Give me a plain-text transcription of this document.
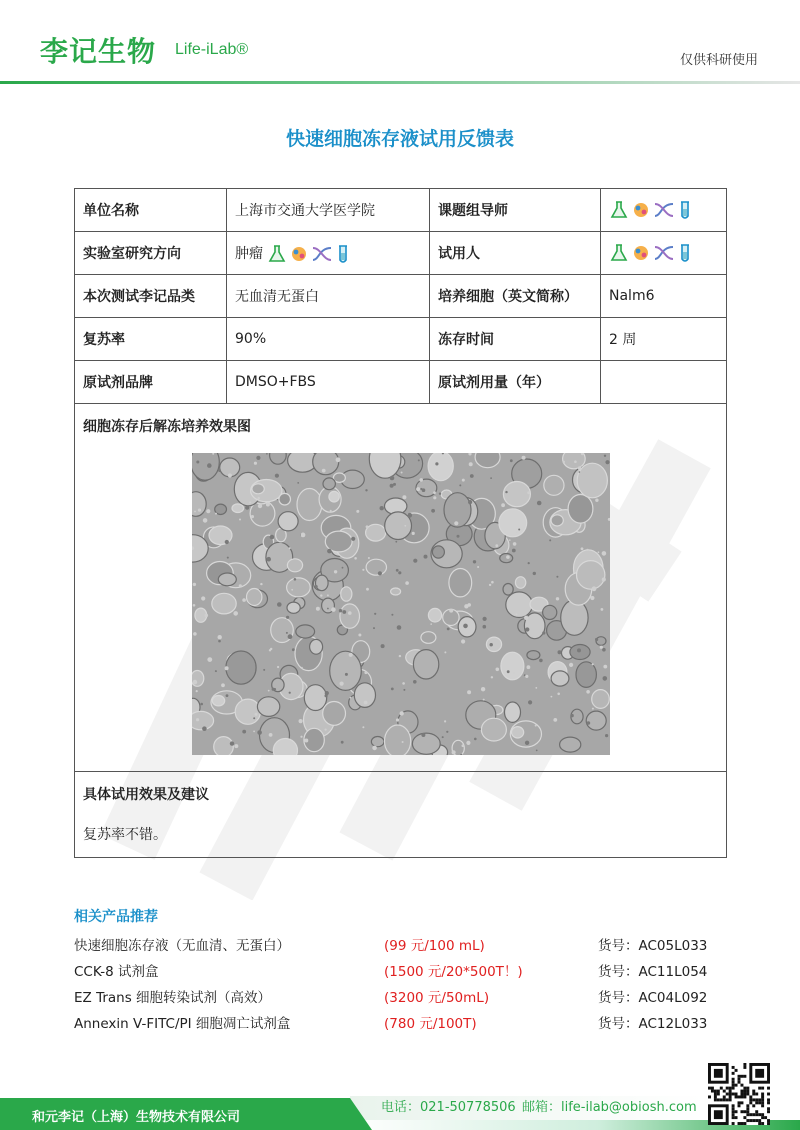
李记生物 Life-iLab®
仅供科研使用
快速细胞冻存液试用反馈表
单位名称	上海市交通大学医学院	课题组导师	

实验室研究方向	肿瘤	试用人	

本次测试李记品类	无血清无蛋白	培养细胞（英文简称）	Nalm6
复苏率	90%	冻存时间	2 周
原试剂品牌	DMSO+FBS	原试剂用量（年）	

细胞冻存后解冻培养效果图			

具体试用效果及建议
复苏率不错。			
相关产品推荐
快速细胞冻存液（无血清、无蛋白）	(99 元/100 mL)	货号：AC05L033
CCK-8 试剂盒	(1500 元/20*500T！)	货号：AC11L054
EZ Trans 细胞转染试剂（高效）	(3200 元/50mL)	货号：AC04L092
Annexin V-FITC/PI 细胞凋亡试剂盒	(780 元/100T)	货号：AC12L033
和元李记（上海）生物技术有限公司
电话：021-50778506 邮箱：life-ilab@obiosh.com
